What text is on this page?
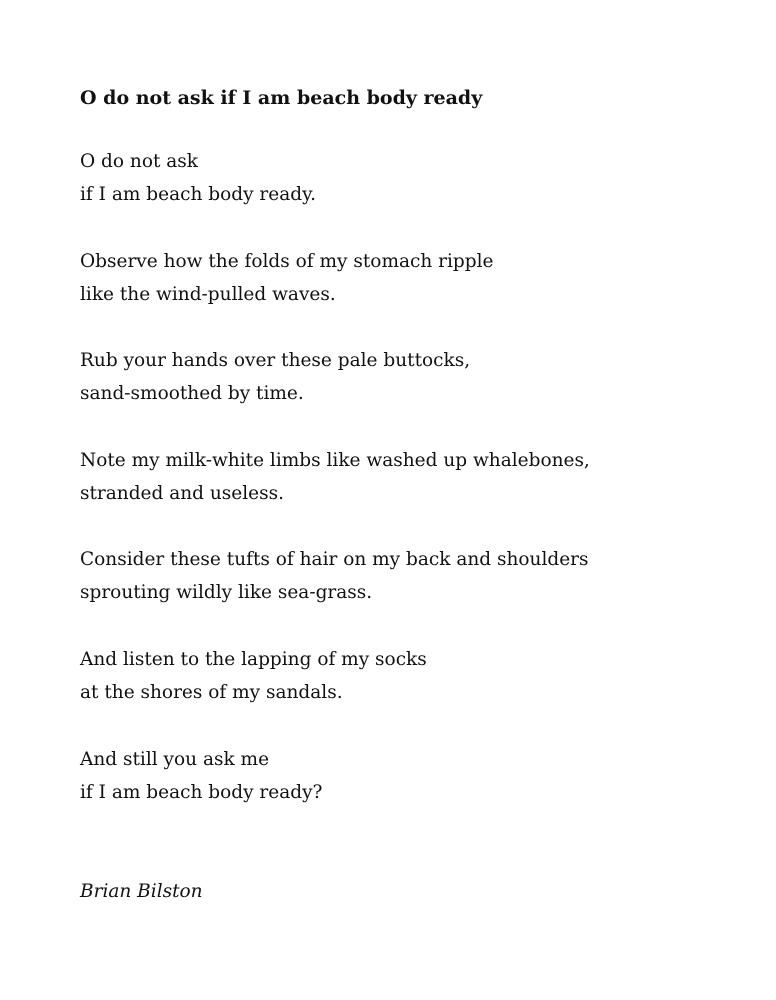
O do not ask if I am beach body ready

O do not ask
if I am beach body ready.

Observe how the folds of my stomach ripple
like the wind-pulled waves.

Rub your hands over these pale buttocks,
sand-smoothed by time.

Note my milk-white limbs like washed up whalebones,
stranded and useless.

Consider these tufts of hair on my back and shoulders
sprouting wildly like sea-grass.

And listen to the lapping of my socks
at the shores of my sandals.

And still you ask me
if I am beach body ready?

Brian Bilston
